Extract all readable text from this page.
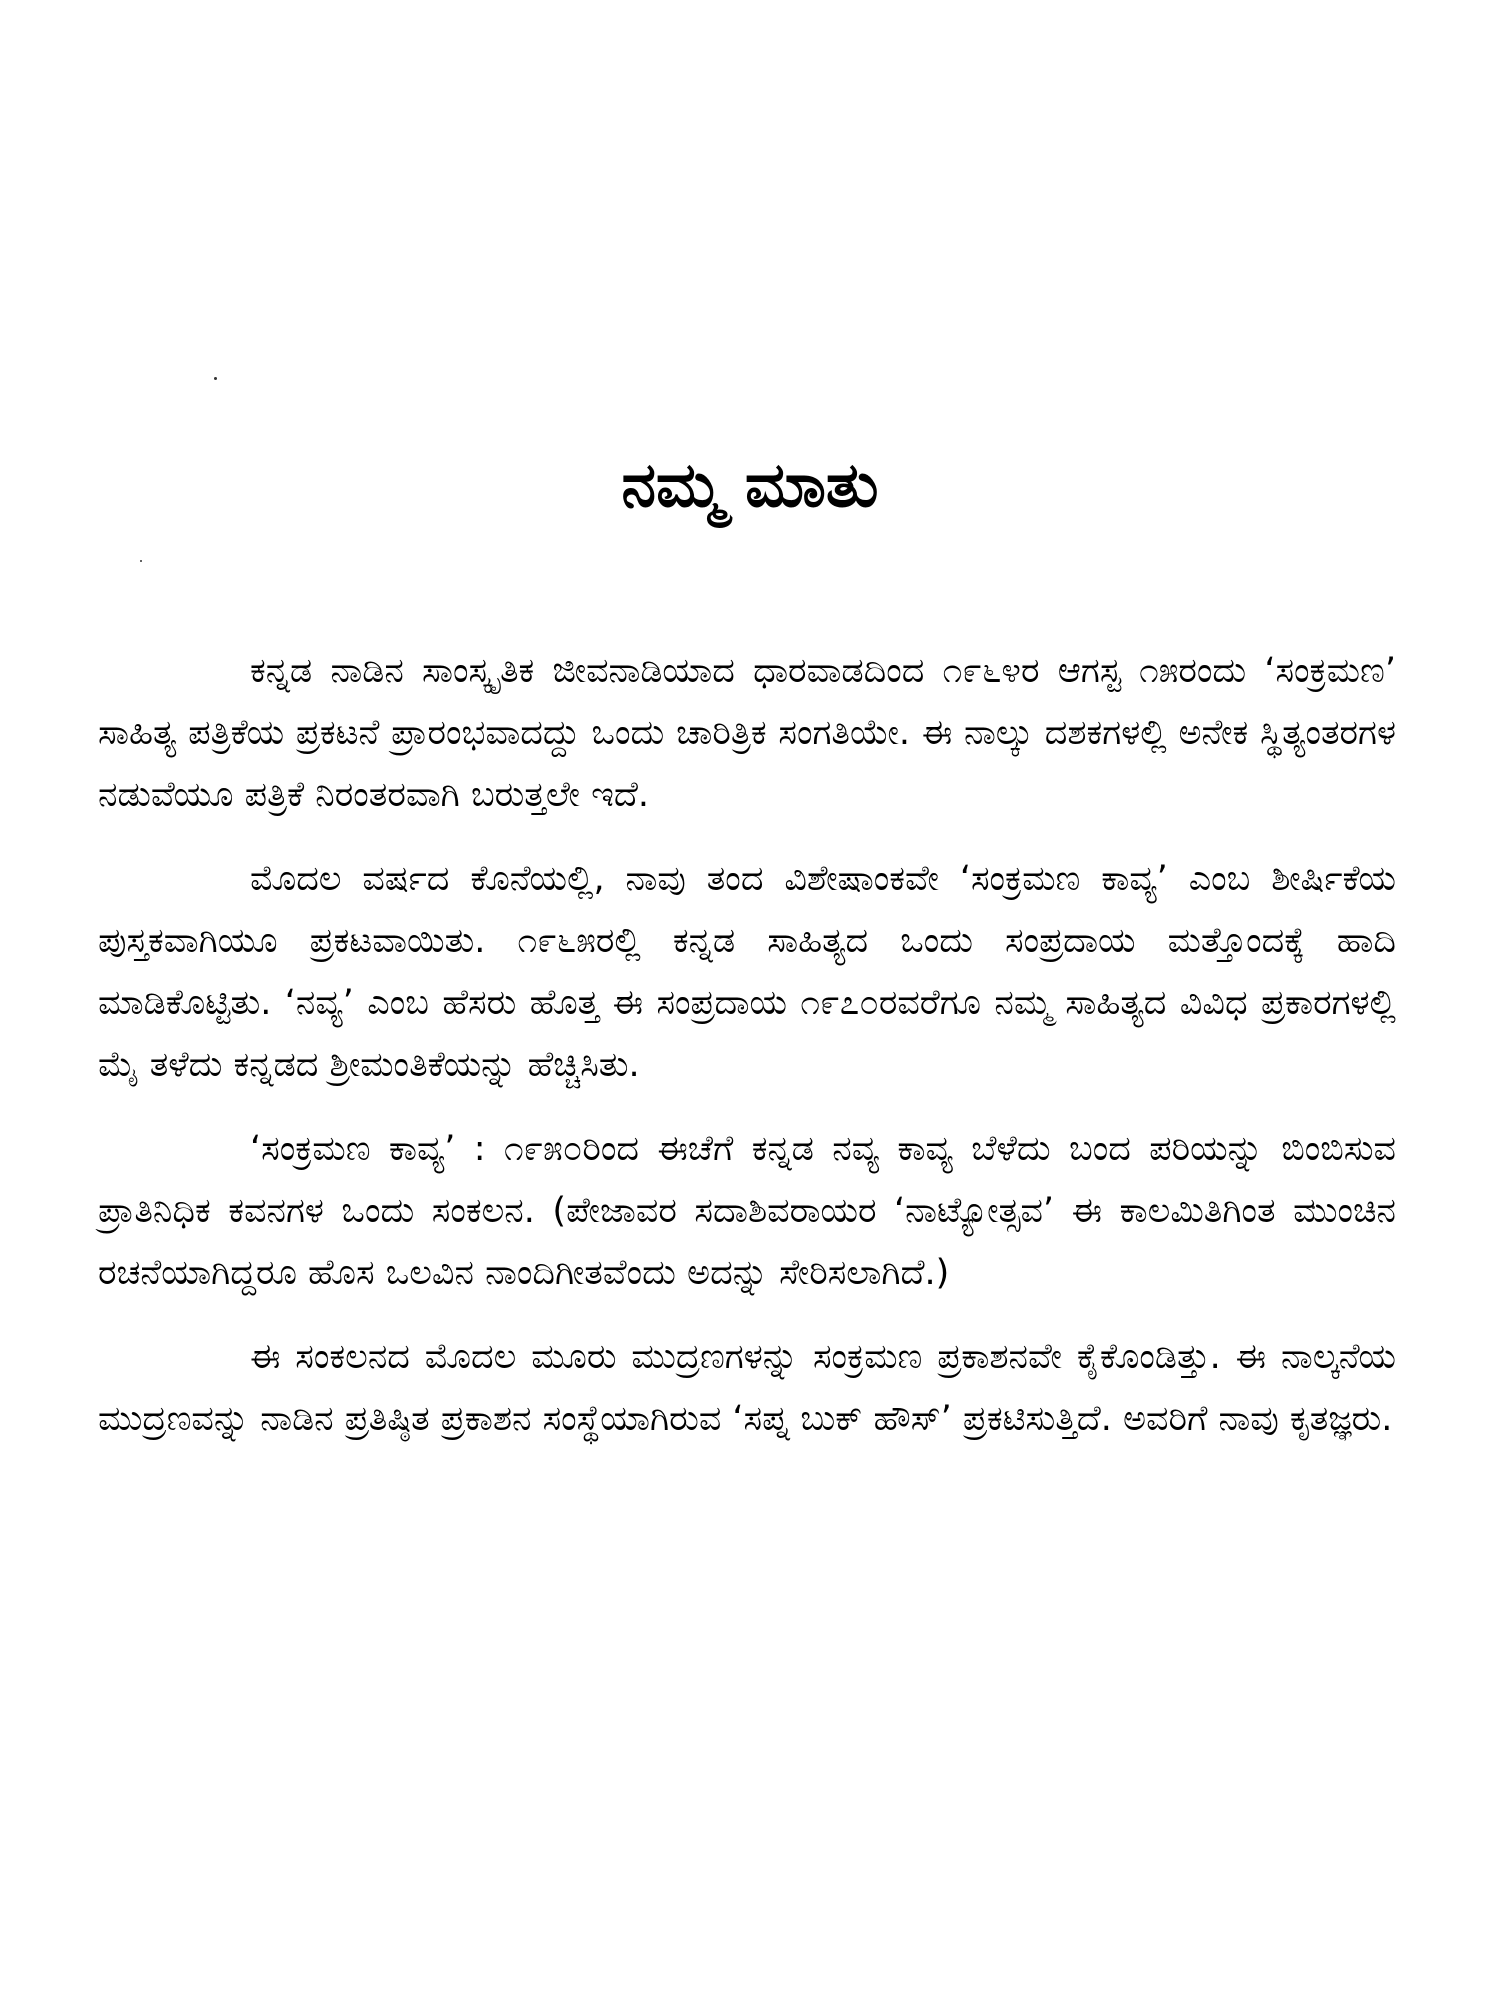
ನಮ್ಮ ಮಾತು

ಕನ್ನಡ ನಾಡಿನ ಸಾಂಸ್ಕೃತಿಕ ಜೀವನಾಡಿಯಾದ ಧಾರವಾಡದಿಂದ ೧೯೬೪ರ ಆಗಸ್ಟ ೧೫ರಂದು ‘ಸಂಕ್ರಮಣ’ ಸಾಹಿತ್ಯ ಪತ್ರಿಕೆಯ ಪ್ರಕಟನೆ ಪ್ರಾರಂಭವಾದದ್ದು ಒಂದು ಚಾರಿತ್ರಿಕ ಸಂಗತಿಯೇ. ಈ ನಾಲ್ಕು ದಶಕಗಳಲ್ಲಿ ಅನೇಕ ಸ್ಥಿತ್ಯಂತರಗಳ ನಡುವೆಯೂ ಪತ್ರಿಕೆ ನಿರಂತರವಾಗಿ ಬರುತ್ತಲೇ ಇದೆ.

ಮೊದಲ ವರ್ಷದ ಕೊನೆಯಲ್ಲಿ, ನಾವು ತಂದ ವಿಶೇಷಾಂಕವೇ ‘ಸಂಕ್ರಮಣ ಕಾವ್ಯ’ ಎಂಬ ಶೀರ್ಷಿಕೆಯ ಪುಸ್ತಕವಾಗಿಯೂ ಪ್ರಕಟವಾಯಿತು. ೧೯೬೫ರಲ್ಲಿ ಕನ್ನಡ ಸಾಹಿತ್ಯದ ಒಂದು ಸಂಪ್ರದಾಯ ಮತ್ತೊಂದಕ್ಕೆ ಹಾದಿ ಮಾಡಿಕೊಟ್ಟಿತು. ‘ನವ್ಯ’ ಎಂಬ ಹೆಸರು ಹೊತ್ತ ಈ ಸಂಪ್ರದಾಯ ೧೯೭೦ರವರೆಗೂ ನಮ್ಮ ಸಾಹಿತ್ಯದ ವಿವಿಧ ಪ್ರಕಾರಗಳಲ್ಲಿ ಮೈ ತಳೆದು ಕನ್ನಡದ ಶ್ರೀಮಂತಿಕೆಯನ್ನು ಹೆಚ್ಚಿಸಿತು.

‘ಸಂಕ್ರಮಣ ಕಾವ್ಯ’ : ೧೯೫೦ರಿಂದ ಈಚೆಗೆ ಕನ್ನಡ ನವ್ಯ ಕಾವ್ಯ ಬೆಳೆದು ಬಂದ ಪರಿಯನ್ನು ಬಿಂಬಿಸುವ ಪ್ರಾತಿನಿಧಿಕ ಕವನಗಳ ಒಂದು ಸಂಕಲನ. (ಪೇಜಾವರ ಸದಾಶಿವರಾಯರ ‘ನಾಟ್ಯೋತ್ಸವ’ ಈ ಕಾಲಮಿತಿಗಿಂತ ಮುಂಚಿನ ರಚನೆಯಾಗಿದ್ದರೂ ಹೊಸ ಒಲವಿನ ನಾಂದಿಗೀತವೆಂದು ಅದನ್ನು ಸೇರಿಸಲಾಗಿದೆ.)

ಈ ಸಂಕಲನದ ಮೊದಲ ಮೂರು ಮುದ್ರಣಗಳನ್ನು ಸಂಕ್ರಮಣ ಪ್ರಕಾಶನವೇ ಕೈಕೊಂಡಿತ್ತು. ಈ ನಾಲ್ಕನೆಯ ಮುದ್ರಣವನ್ನು ನಾಡಿನ ಪ್ರತಿಷ್ಠಿತ ಪ್ರಕಾಶನ ಸಂಸ್ಥೆಯಾಗಿರುವ ‘ಸಪ್ನ ಬುಕ್ ಹೌಸ್’ ಪ್ರಕಟಿಸುತ್ತಿದೆ. ಅವರಿಗೆ ನಾವು ಕೃತಜ್ಞರು.
